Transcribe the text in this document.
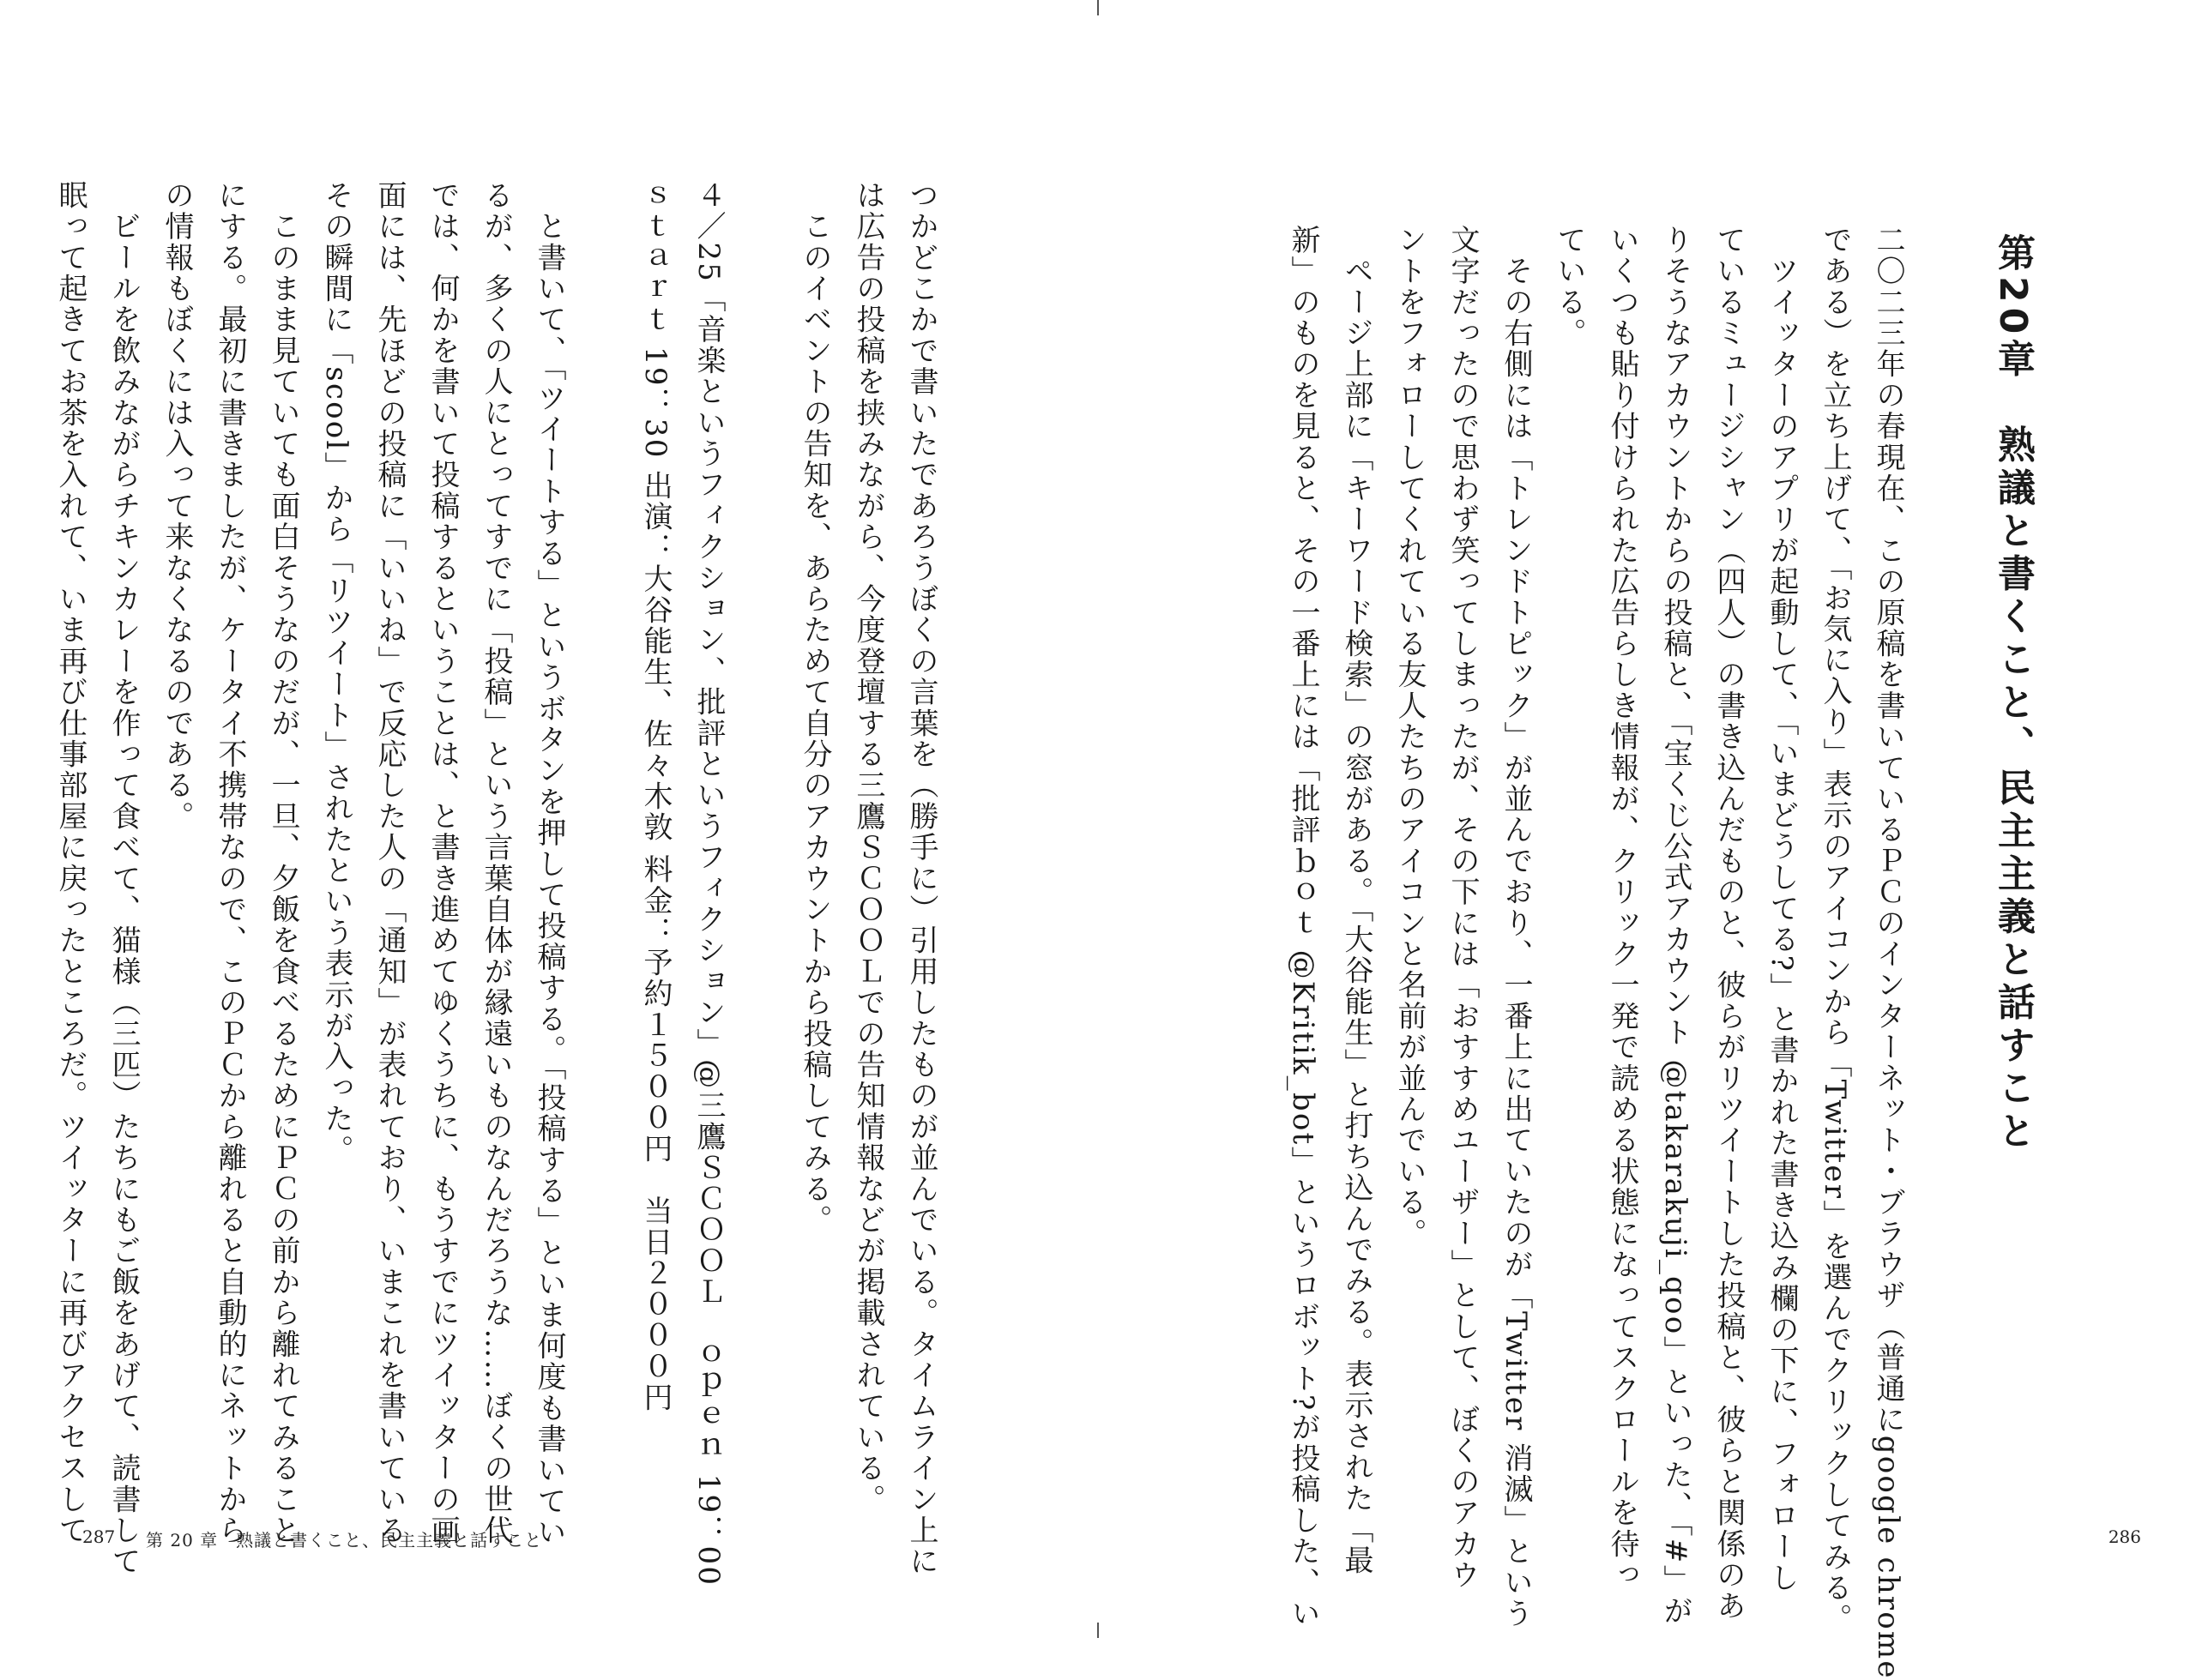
つかどこかで書いたであろうぼくの言葉を（勝手に）引用したものが並んでいる。タイムライン上に
は広告の投稿を挟みながら、今度登壇する三鷹ＳＣＯＯＬでの告知情報などが掲載されている。
　このイベントの告知を、あらためて自分のアカウントから投稿してみる。

４／25「音楽というフィクション、批評というフィクション」@三鷹ＳＣＯＯＬ　ｏｐｅｎ 19：00
ｓｔａｒｔ 19：30 出演：大谷能生、佐々木敦 料金：予約１５００円　当日２０００円

　と書いて、「ツイートする」というボタンを押して投稿する。「投稿する」といま何度も書いてい
るが、多くの人にとってすでに「投稿」という言葉自体が縁遠いものなんだろうな……ぼくの世代
では、何かを書いて投稿するということは、と書き進めてゆくうちに、もうすでにツイッターの画
面には、先ほどの投稿に「いいね」で反応した人の「通知」が表れており、いまこれを書いている
その瞬間に「scool」から「リツイート」されたという表示が入った。
　このまま見ていても面白そうなのだが、一旦、夕飯を食べるためにＰＣの前から離れてみること
にする。最初に書きましたが、ケータイ不携帯なので、このＰＣから離れると自動的にネットから
の情報もぼくには入って来なくなるのである。
　ビールを飲みながらチキンカレーを作って食べて、猫様（三匹）たちにもご飯をあげて、読書して
眠って起きてお茶を入れて、いま再び仕事部屋に戻ったところだ。ツイッターに再びアクセスして
287 第 20 章　熟議と書くこと、民主主義と話すこと
第20章　熟議と書くこと、民主主義と話すこと
二〇二三年の春現在、この原稿を書いているＰＣのインターネット・ブラウザ（普通にgoogle chrome
である）を立ち上げて、「お気に入り」表示のアイコンから「Twitter」を選んでクリックしてみる。
　ツイッターのアプリが起動して、「いまどうしてる?」と書かれた書き込み欄の下に、フォローし
ているミュージシャン（四人）の書き込んだものと、彼らがリツイートした投稿と、彼らと関係のあ
りそうなアカウントからの投稿と、「宝くじ公式アカウント @takarakuji_qoo」といった、「#」が
いくつも貼り付けられた広告らしき情報が、クリック一発で読める状態になってスクロールを待っ
ている。
　その右側には「トレンドトピック」が並んでおり、一番上に出ていたのが「Twitter 消滅」という
文字だったので思わず笑ってしまったが、その下には「おすすめユーザー」として、ぼくのアカウ
ントをフォローしてくれている友人たちのアイコンと名前が並んでいる。
　ページ上部に「キーワード検索」の窓がある。「大谷能生」と打ち込んでみる。表示された「最
新」のものを見ると、その一番上には「批評ｂｏｔ @Kritik_bot」というロボット?が投稿した、い	286
